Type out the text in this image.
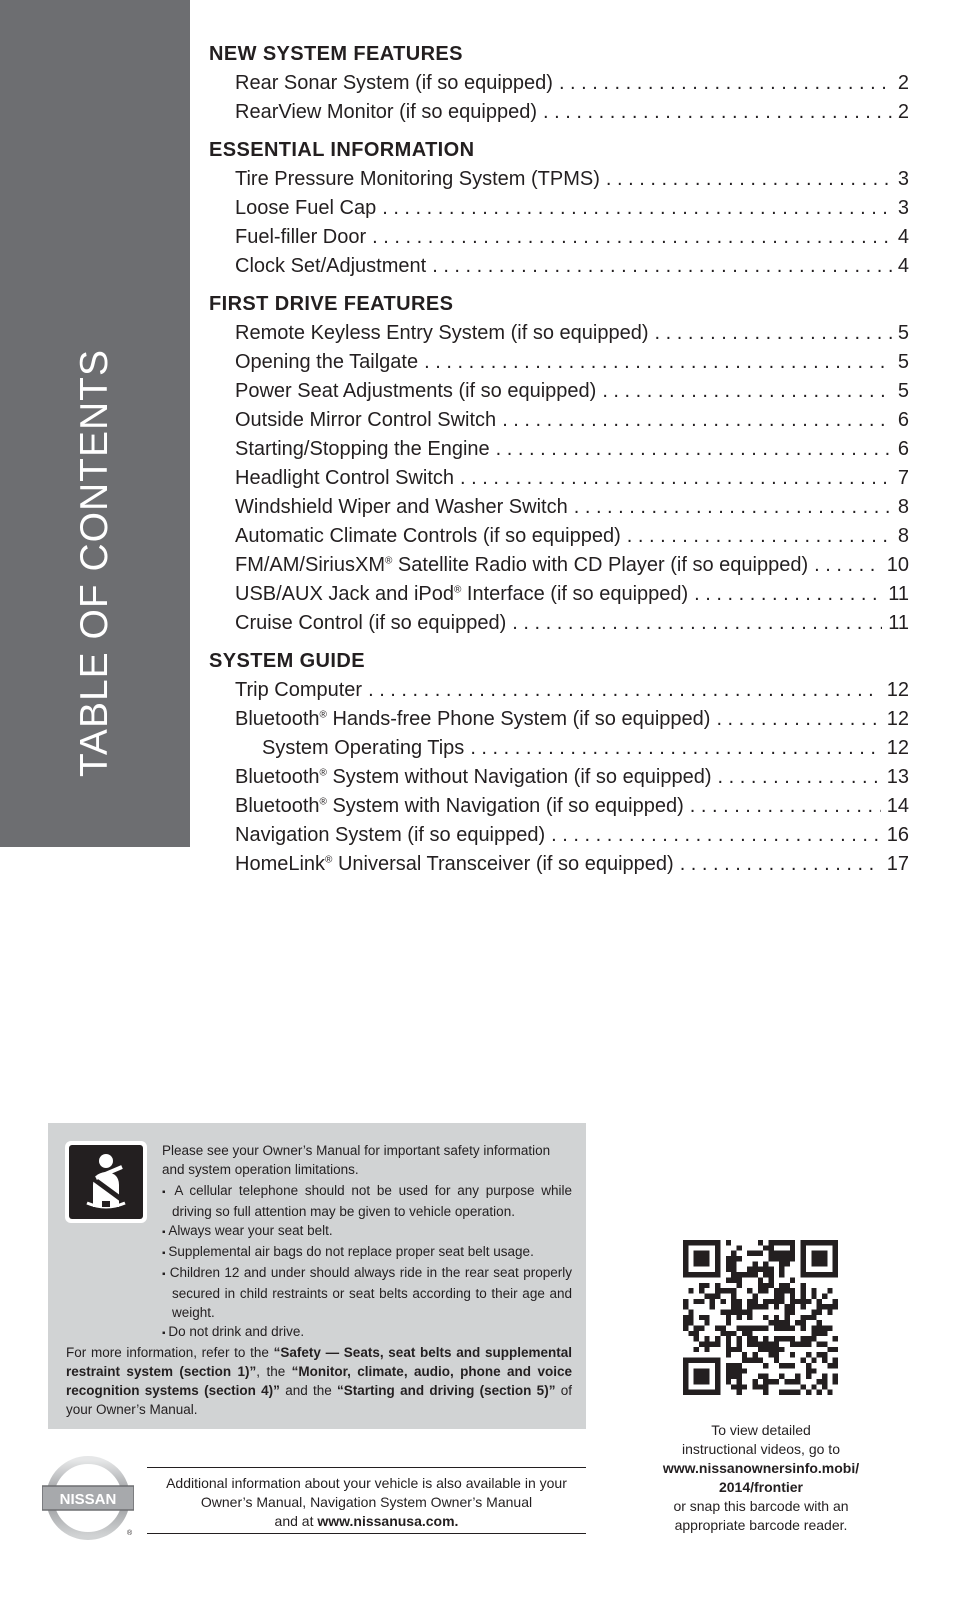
TABLE OF CONTENTS
NEW SYSTEM FEATURES
Rear Sonar System (if so equipped) . . .	2
RearView Monitor (if so equipped) . . .	2
ESSENTIAL INFORMATION
Tire Pressure Monitoring System (TPMS) . . .	3
Loose Fuel Cap . . .	3
Fuel-filler Door . . .	4
Clock Set/Adjustment . . .	4
FIRST DRIVE FEATURES
Remote Keyless Entry System (if so equipped) . . .	5
Opening the Tailgate . . .	5
Power Seat Adjustments (if so equipped) . . .	5
Outside Mirror Control Switch . . .	6
Starting/Stopping the Engine . . .	6
Headlight Control Switch . . .	7
Windshield Wiper and Washer Switch . . .	8
Automatic Climate Controls (if so equipped) . . .	8
FM/AM/SiriusXM® Satellite Radio with CD Player (if so equipped) . . .	10
USB/AUX Jack and iPod® Interface (if so equipped) . . .	11
Cruise Control (if so equipped) . . .	11
SYSTEM GUIDE
Trip Computer . . .	12
Bluetooth® Hands-free Phone System (if so equipped) . . .	12
System Operating Tips . . .	12
Bluetooth® System without Navigation (if so equipped) . . .	13
Bluetooth® System with Navigation (if so equipped) . . .	14
Navigation System (if so equipped) . . .	16
HomeLink® Universal Transceiver (if so equipped) . . .	17

Please see your Owner’s Manual for important safety information and system operation limitations.

▪ A cellular telephone should not be used for any purpose while driving so full attention may be given to vehicle operation.
▪ Always wear your seat belt.
▪ Supplemental air bags do not replace proper seat belt usage.
▪ Children 12 and under should always ride in the rear seat properly secured in child restraints or seat belts according to their age and weight.
▪ Do not drink and drive.

For more information, refer to the “Safety — Seats, seat belts and supplemental restraint system (section 1)”, the “Monitor, climate, audio, phone and voice recognition systems (section 4)” and the “Starting and driving (section 5)” of your Owner’s Manual.

NISSAN
®

Additional information about your vehicle is also available in your
Owner’s Manual, Navigation System Owner’s Manual
and at www.nissanusa.com.

To view detailed
instructional videos, go to
www.nissanownersinfo.mobi/
2014/frontier
or snap this barcode with an
appropriate barcode reader.
